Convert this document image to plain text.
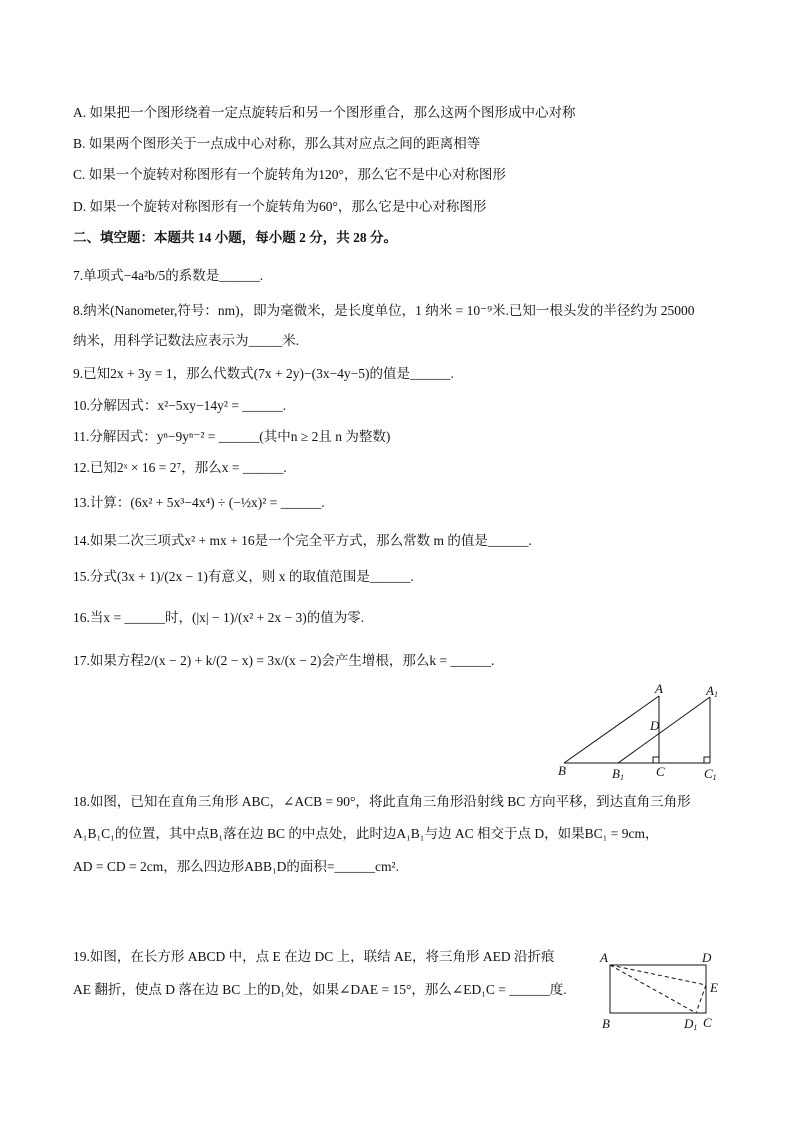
A. 如果把一个图形绕着一定点旋转后和另一个图形重合，那么这两个图形成中心对称
B. 如果两个图形关于一点成中心对称，那么其对应点之间的距离相等
C. 如果一个旋转对称图形有一个旋转角为120°，那么它不是中心对称图形
D. 如果一个旋转对称图形有一个旋转角为60°，那么它是中心对称图形
二、填空题：本题共 14 小题，每小题 2 分，共 28 分。
7.单项式−4a²b/5的系数是______.
8.纳米(Nanometer,符号：nm)，即为毫微米，是长度单位，1 纳米 = 10⁻⁹米.已知一根头发的半径约为 25000
纳米，用科学记数法应表示为_____米.
9.已知2x + 3y = 1，那么代数式(7x + 2y)−(3x−4y−5)的值是______.
10.分解因式：x²−5xy−14y² = ______.
11.分解因式：yⁿ−9yⁿ⁻² = ______(其中n ≥ 2且 n 为整数)
12.已知2ˣ × 16 = 2⁷，那么x = ______.
13.计算：(6x² + 5x³−4x⁴) ÷ (−½x)² = ______.
14.如果二次三项式x² + mx + 16是一个完全平方式，那么常数 m 的值是______.
15.分式(3x + 1)/(2x − 1)有意义，则 x 的取值范围是______.
16.当x = ______时，(|x| − 1)/(x² + 2x − 3)的值为零.
17.如果方程2/(x − 2) + k/(2 − x) = 3x/(x − 2)会产生增根，那么k = ______.
A	A1
D
B	B1 C	C1
18.如图，已知在直角三角形 ABC，∠ACB = 90°，将此直角三角形沿射线 BC 方向平移，到达直角三角形
A₁B₁C₁的位置，其中点B₁落在边 BC 的中点处，此时边A₁B₁与边 AC 相交于点 D，如果BC₁ = 9cm，
AD = CD = 2cm，那么四边形ABB₁D的面积=______cm².
19.如图，在长方形 ABCD 中，点 E 在边 DC 上，联结 AE，将三角形 AED 沿折痕
AE 翻折，使点 D 落在边 BC 上的D₁处，如果∠DAE = 15°，那么∠ED₁C = ______度.
A	D
E
B	D1 C
